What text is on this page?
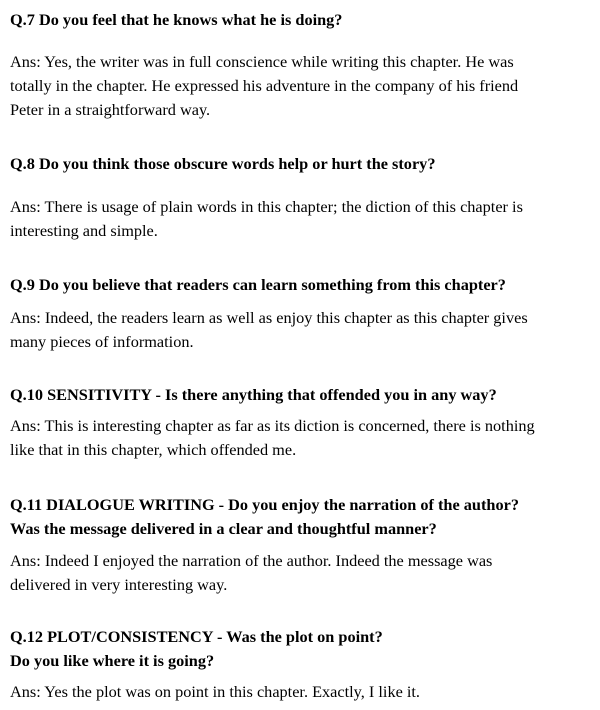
Q.7 Do you feel that he knows what he is doing?
Ans: Yes, the writer was in full conscience while writing this chapter. He was
totally in the chapter. He expressed his adventure in the company of his friend
Peter in a straightforward way.
Q.8 Do you think those obscure words help or hurt the story?
Ans: There is usage of plain words in this chapter; the diction of this chapter is
interesting and simple.
Q.9 Do you believe that readers can learn something from this chapter?
Ans: Indeed, the readers learn as well as enjoy this chapter as this chapter gives
many pieces of information.
Q.10 SENSITIVITY - Is there anything that offended you in any way?
Ans: This is interesting chapter as far as its diction is concerned, there is nothing
like that in this chapter, which offended me.
Q.11 DIALOGUE WRITING - Do you enjoy the narration of the author?
Was the message delivered in a clear and thoughtful manner?
Ans: Indeed I enjoyed the narration of the author. Indeed the message was
delivered in very interesting way.
Q.12 PLOT/CONSISTENCY - Was the plot on point?
Do you like where it is going?
Ans: Yes the plot was on point in this chapter. Exactly, I like it.
